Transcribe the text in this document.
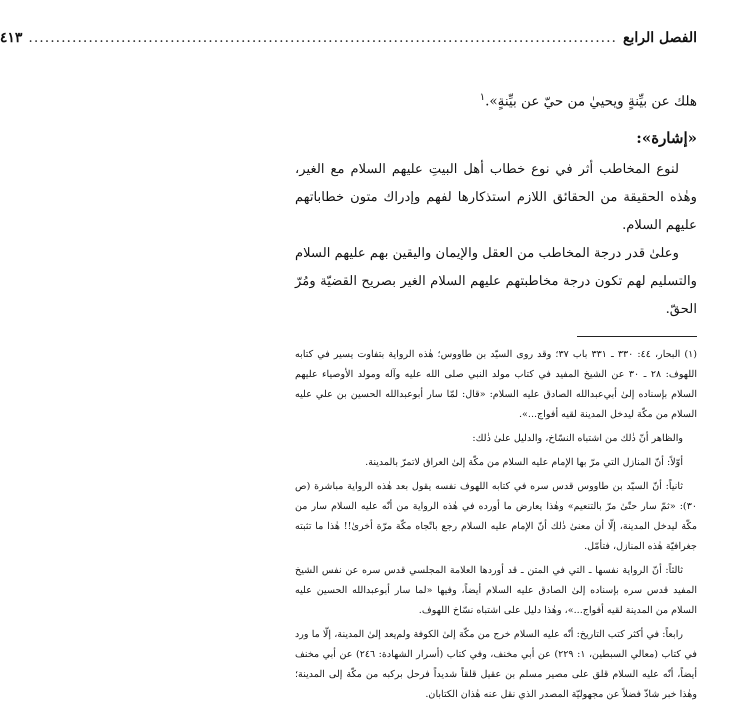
الفصل الرابع
............................................................................................................
٤١٣

هلك عن بيِّنةٍ ويحييٰ من حيّ عن بيِّنةٍ».$^١$

«إشارة»:

لنوع المخاطب أثر في نوع خطاب أهل البيتِ عليهم السلام مع الغير، وهٰذه الحقيقة من الحقائق اللازم استذكارها لفهم وإدراك متون خطاباتهم عليهم السلام.

وعلىٰ قدر درجة المخاطب من العقل والإيمان واليقين بهم عليهم السلام والتسليم لهم تكون درجة مخاطبتهم عليهم السلام الغير بصريح القضيّة ومُرّ الحقّ.

(١) البحار، ٤٤: ٣٣٠ ـ ٣٣١ باب ٣٧؛ وقد روى السيّد بن طاووس؛ هٰذه الرواية بتفاوت يسير في كتابه اللهوف: ٢٨ ـ ٣٠ عن الشيخ المفيد في كتاب مولد النبي صلى الله عليه وآله ومولد الأوصياء عليهم السلام بإسناده إلىٰ أبي‌عبدالله الصادق عليه السلام: «قال: لمّا سار أبوعبدالله الحسين بن علي عليه السلام من مكّة ليدخل المدينة لقيه أفواج...».

والظاهر أنّ ذٰلك من اشتباه النسّاخ، والدليل علىٰ ذٰلك:

أوّلاً: أنّ المنازل التي مرّ بها الإمام عليه السلام من مكّة إلىٰ العراق لاتمرّ بالمدينة.

ثانياً: أنّ السيّد بن طاووس قدس سره في كتابه اللهوف نفسه يقول بعد هٰذه الرواية مباشرة (ص ٣٠): «ثمّ سار حتّىٰ مرّ بالتنعيم» وهٰذا يعارض ما أورده في هٰذه الرواية من أنّه عليه السلام سار من مكّة ليدخل المدينة، إلّا أن معنىٰ ذٰلك أنّ الإمام عليه السلام رجع باتّجاه مكّة مرّة أخرىٰ!! هٰذا ما تثبته جغرافيّة هٰذه المنازل، فتأمّل.

ثالثاً: أنّ الرواية نفسها ـ التي في المتن ـ قد أوردها العلامة المجلسي قدس سره عن نفس الشيخ المفيد قدس سره بإسناده إلىٰ الصادق عليه السلام أيضاً، وفيها «لما سار أبوعبدالله الحسين عليه السلام من المدينة لقيه أفواج...»، وهٰذا دليل على اشتباه نسّاخ اللهوف.

رابعاً: في أكثر كتب التاريخ: أنّه عليه السلام خرج من مكّة إلىٰ الكوفة ولم‌يعد إلىٰ المدينة، إلّا ما ورد في كتاب (معالي السبطين، ١: ٢٢٩) عن أبي مخنف، وفي كتاب (أسرار الشهادة: ٢٤٦) عن أبي مخنف أيضاً، أنّه عليه السلام قلق على مصير مسلم بن عقيل قلقاً شديداً فرحل بركبه من مكّة إلى المدينة؛ وهٰذا خبر شاذّ فضلاً عن مجهوليّة المصدر الذي نقل عنه هٰذان الكتابان.
